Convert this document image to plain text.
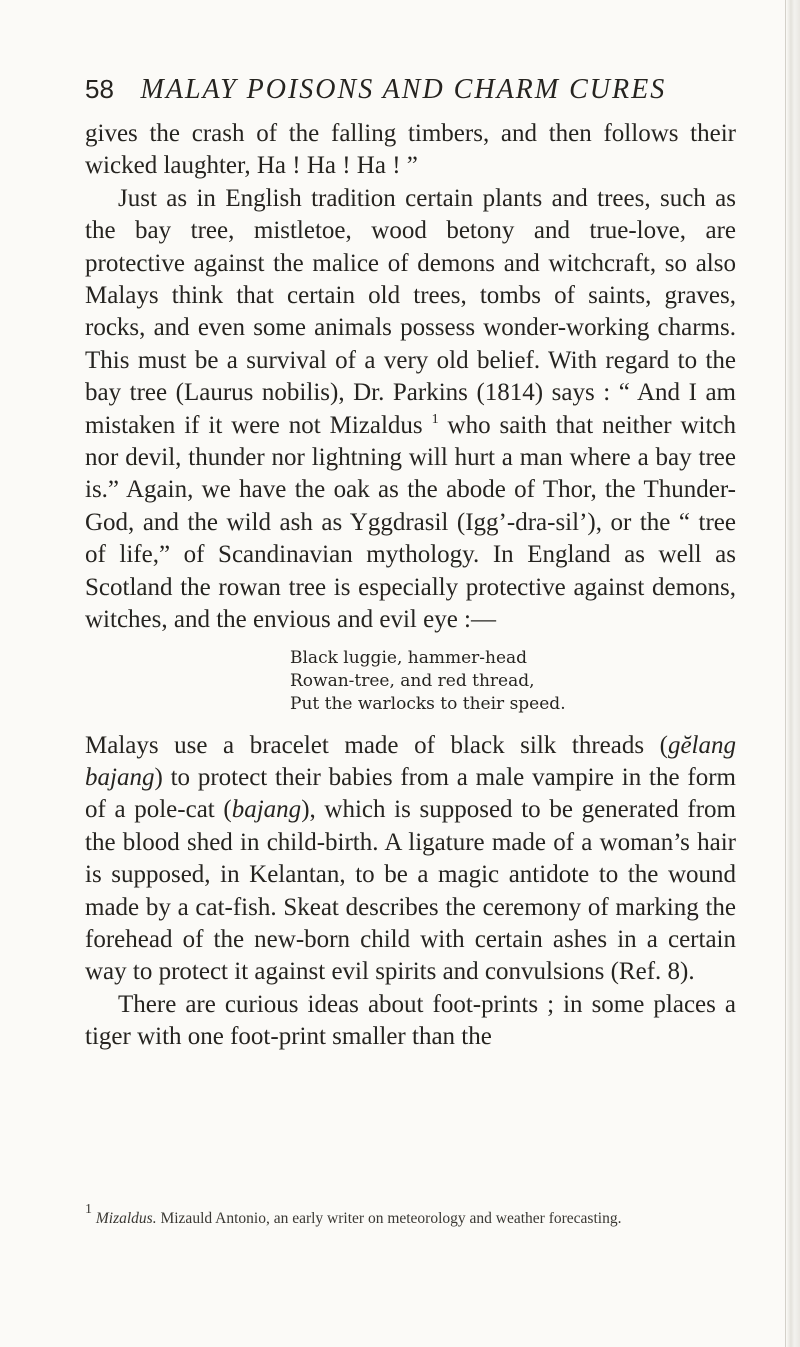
58 MALAY POISONS AND CHARM CURES

gives the crash of the falling timbers, and then follows their wicked laughter, Ha ! Ha ! Ha ! ”

Just as in English tradition certain plants and trees, such as the bay tree, mistletoe, wood betony and true-love, are protective against the malice of demons and witchcraft, so also Malays think that certain old trees, tombs of saints, graves, rocks, and even some animals possess wonder-working charms. This must be a survival of a very old belief. With regard to the bay tree (Laurus nobilis), Dr. Parkins (1814) says : “ And I am mistaken if it were not Mizaldus $^1$ who saith that neither witch nor devil, thunder nor lightning will hurt a man where a bay tree is.” Again, we have the oak as the abode of Thor, the Thunder-God, and the wild ash as Yggdrasil (Igg’-dra-sil’), or the “ tree of life,” of Scandinavian mythology. In England as well as Scotland the rowan tree is especially protective against demons, witches, and the envious and evil eye :—

Black luggie, hammer-head
Rowan-tree, and red thread,
Put the warlocks to their speed.

Malays use a bracelet made of black silk threads (gĕlang bajang) to protect their babies from a male vampire in the form of a pole-cat (bajang), which is supposed to be generated from the blood shed in child-birth. A ligature made of a woman’s hair is supposed, in Kelantan, to be a magic antidote to the wound made by a cat-fish. Skeat describes the ceremony of marking the forehead of the new-born child with certain ashes in a certain way to protect it against evil spirits and convulsions (Ref. 8).

There are curious ideas about foot-prints ; in some places a tiger with one foot-print smaller than the

$^1$ Mizaldus. Mizauld Antonio, an early writer on meteorology and weather forecasting.
